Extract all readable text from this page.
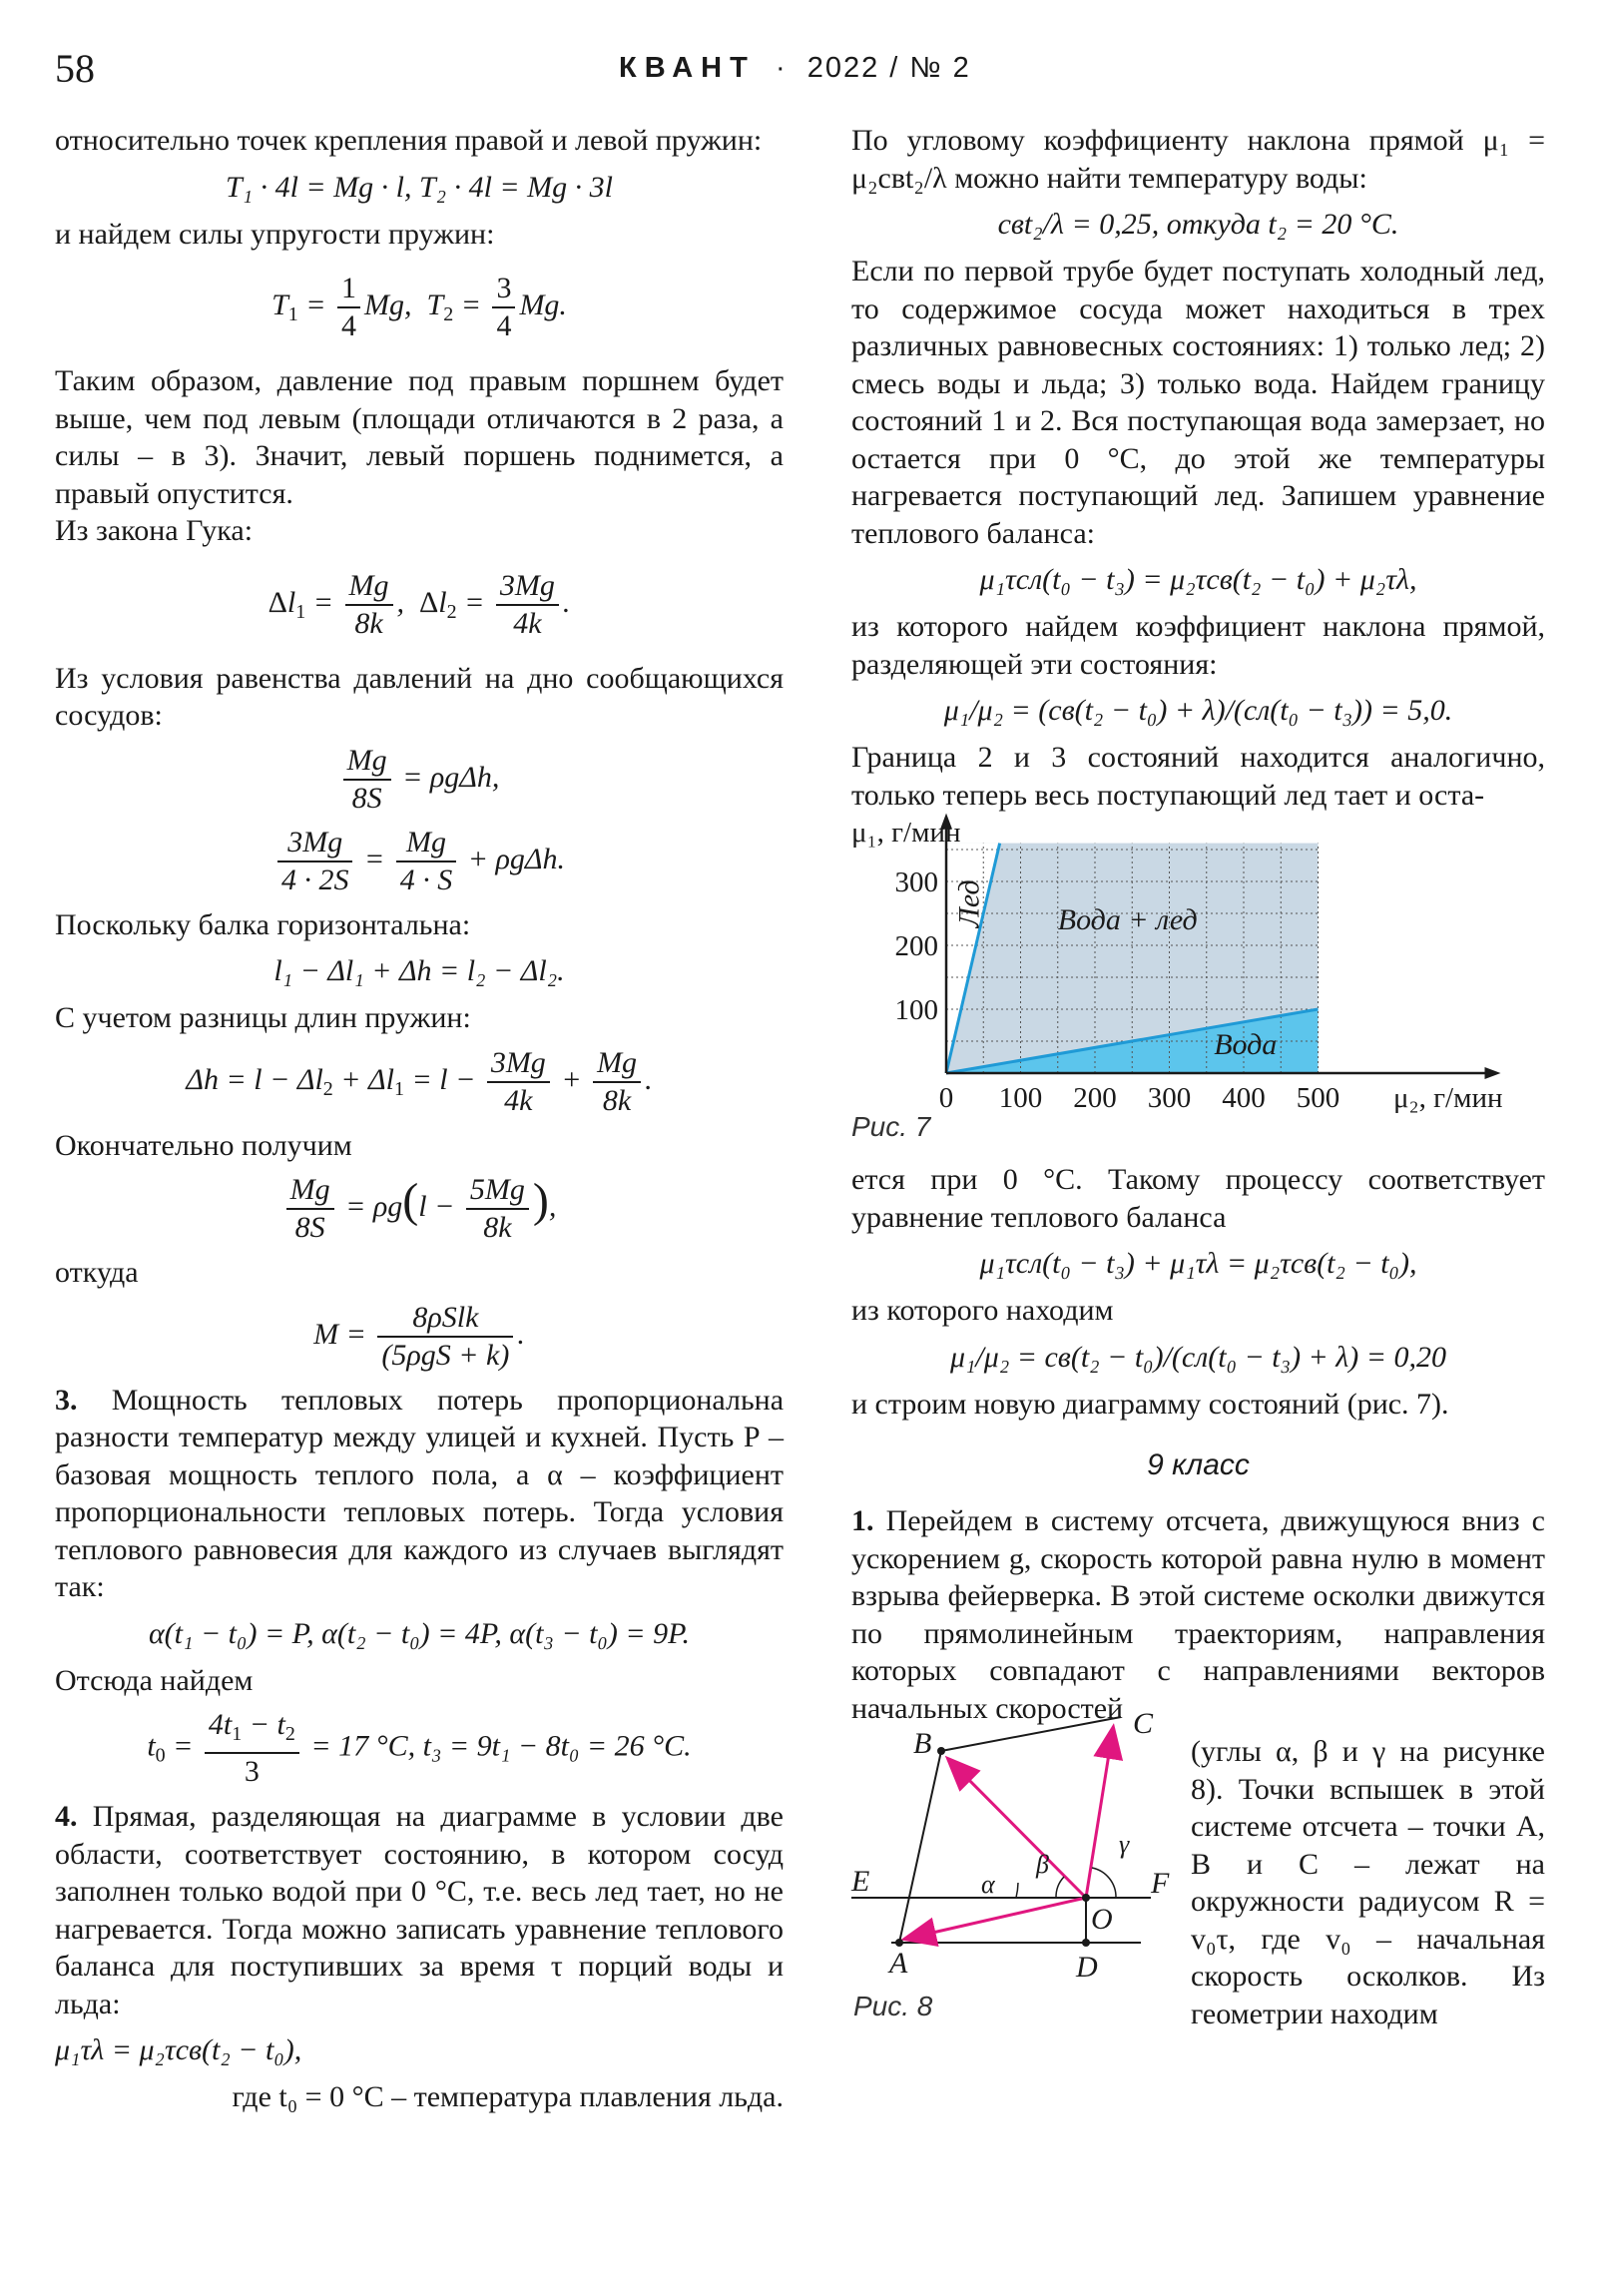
58	КВАНТ · 2022 / № 2

относительно точек крепления правой и левой пружин:

T₁ · 4l = Mg · l, T₂ · 4l = Mg · 3l

и найдем силы упругости пружин:

$T_1 = \frac{1}{4} Mg$,  $T_2 = \frac{3}{4} Mg$.

Таким образом, давление под правым поршнем будет выше, чем под левым (площади отличаются в 2 раза, а силы – в 3). Значит, левый поршень поднимется, а правый опустится.

Из закона Гука:

$\Delta l_1 = \frac{Mg}{8k}$ ,  $\Delta l_2 = \frac{3Mg}{4k}$ .

Из условия равенства давлений на дно сообщающихся сосудов:

$\frac{Mg}{8S} = \rho g\Delta h$,
$\frac{3Mg}{4 \cdot 2S} = \frac{Mg}{4 \cdot S} + \rho g\Delta h$.

Поскольку балка горизонтальна:

l₁ − Δl₁ + Δh = l₂ − Δl₂.

С учетом разницы длин пружин:

$\Delta h = l - \Delta l_2 + \Delta l_1 = l - \frac{3Mg}{4k} + \frac{Mg}{8k}$ .

Окончательно получим

$\frac{Mg}{8S} = \rho g(l - \frac{5Mg}{8k}$ ),

откуда

$M = \frac{\text{8ρSlk}}{\text{(5ρgS + k)}}$ .

3. Мощность тепловых потерь пропорциональна разности температур между улицей и кухней. Пусть P – базовая мощность теплого пола, а α – коэффициент пропорциональности тепловых потерь. Тогда условия теплового равновесия для каждого из случаев выглядят так:

α(t₁ − t₀) = P, α(t₂ − t₀) = 4P, α(t₃ − t₀) = 9P.

Отсюда найдем

$t_0 = \frac{4t_1 - t_2}{3} = 17$ °C, t₃ = 9t₁ − 8t₀ = 26 °C.

4. Прямая, разделяющая на диаграмме в условии две области, соответствует состоянию, в котором сосуд заполнен только водой при 0 °С, т.е. весь лед тает, но не нагревается. Тогда можно записать уравнение теплового баланса для поступивших за время τ порций воды и льда:

μ₁τλ = μ₂τcв(t₂ − t₀),

где t₀ = 0 °C – температура плавления льда.

По угловому коэффициенту наклона прямой μ₁ = μ₂cвt₂/λ можно найти температуру воды:

cвt₂/λ = 0,25, откуда t₂ = 20 °C.

Если по первой трубе будет поступать холодный лед, то содержимое сосуда может находиться в трех различных равновесных состояниях: 1) только лед; 2) смесь воды и льда; 3) только вода. Найдем границу состояний 1 и 2. Вся поступающая вода замерзает, но остается при 0 °С, до этой же температуры нагревается поступающий лед. Запишем уравнение теплового баланса:

μ₁τcл(t₀ − t₃) = μ₂τcв(t₂ − t₀) + μ₂τλ,

из которого найдем коэффициент наклона прямой, разделяющей эти состояния:

μ₁/μ₂ = (cв(t₂ − t₀) + λ)/(cл(t₀ − t₃)) = 5,0.

Граница 2 и 3 состояний находится аналогично, только теперь весь поступающий лед тает и оста-

0 100 200 300 400 500
100
200
300
μ₂, г/мин
μ₁, г/мин
Вода + лед
Вода
Лед
Рис. 7

ется при 0 °С. Такому процессу соответствует уравнение теплового баланса

μ₁τcл(t₀ − t₃) + μ₁τλ = μ₂τcв(t₂ − t₀),

из которого находим

μ₁/μ₂ = cв(t₂ − t₀)/(cл(t₀ − t₃) + λ) = 0,20

и строим новую диаграмму состояний (рис. 7).

9 класс

1. Перейдем в систему отсчета, движущуюся вниз с ускорением g, скорость которой равна нулю в момент взрыва фейерверка. В этой системе осколки движутся по прямолинейным траекториям, направления которых совпадают с направлениями векторов начальных скоростей

A
B
C
D
E	F
O
α
β
γ
Рис. 8

(углы α, β и γ на рисунке 8). Точки вспышек в этой системе отсчета – точки A, B и C – лежат на окружности радиусом R = v₀τ, где v₀ – начальная скорость осколков. Из геометрии находим
